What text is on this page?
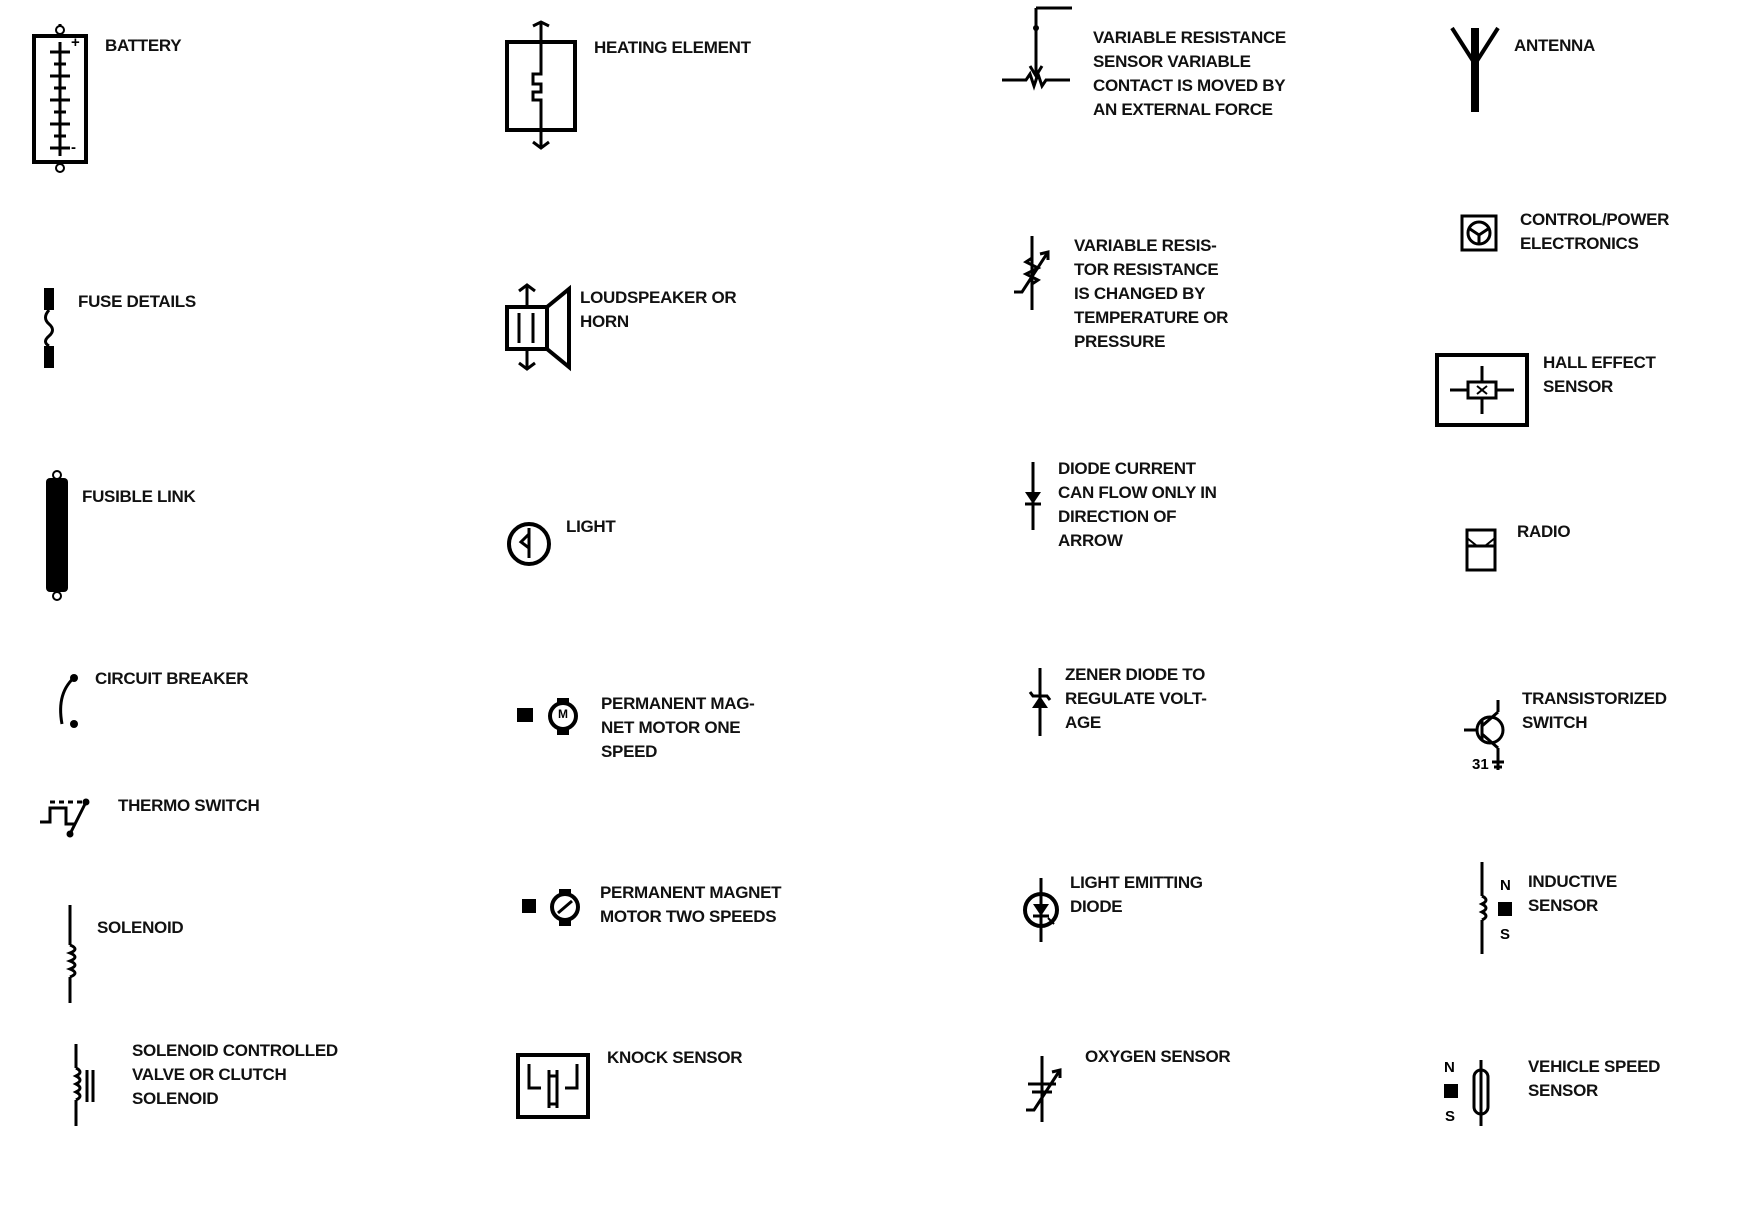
+
-
BATTERY
FUSE DETAILS
FUSIBLE LINK
CIRCUIT BREAKER
THERMO SWITCH
SOLENOID
SOLENOID CONTROLLED
VALVE OR CLUTCH
SOLENOID
HEATING ELEMENT
LOUDSPEAKER OR
HORN
LIGHT
M
PERMANENT MAG-
NET MOTOR ONE
SPEED
PERMANENT MAGNET
MOTOR TWO SPEEDS
KNOCK SENSOR
VARIABLE RESISTANCE
SENSOR VARIABLE
CONTACT IS MOVED BY
AN EXTERNAL FORCE
VARIABLE RESIS-
TOR RESISTANCE
IS CHANGED BY
TEMPERATURE OR
PRESSURE
DIODE CURRENT
CAN FLOW ONLY IN
DIRECTION OF
ARROW
ZENER DIODE TO
REGULATE VOLT-
AGE
LIGHT EMITTING
DIODE
OXYGEN SENSOR
ANTENNA
CONTROL/POWER
ELECTRONICS
HALL EFFECT
SENSOR
RADIO
31
TRANSISTORIZED
SWITCH
N
S
INDUCTIVE
SENSOR
N
S
VEHICLE SPEED
SENSOR
